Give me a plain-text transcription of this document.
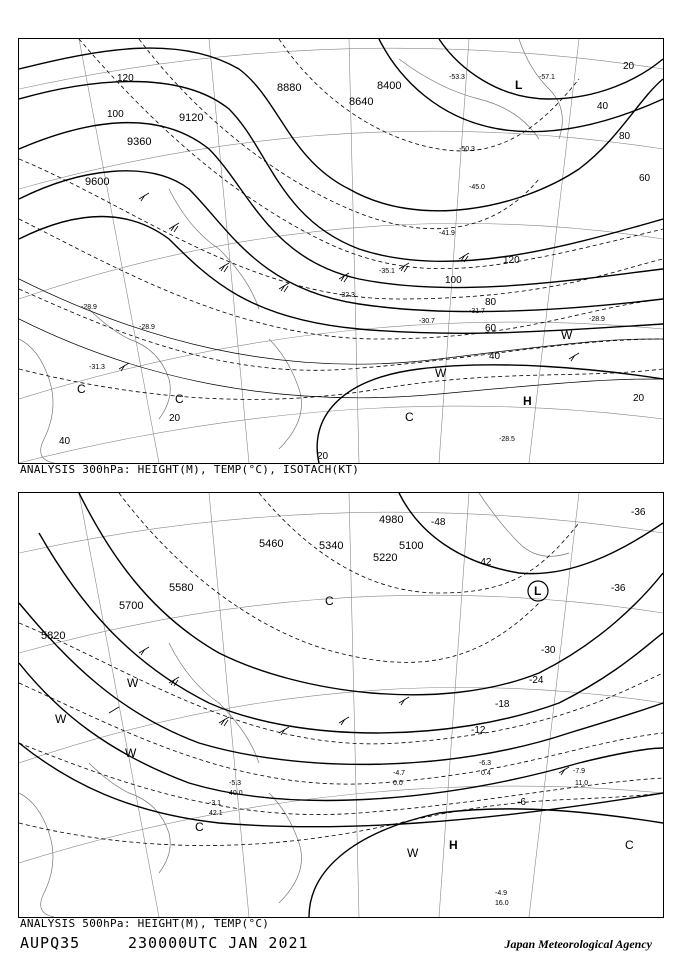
8400
8640
8880
9120
9360
9600
120
100
80
60
40
20
40
20
120
100
80
60
40
20
20
-28.9
-31.3
-28.9
-32.3
-31.7
-30.7
-28.5
-28.9
-35.1
-53.3
-50.3
-57.1
-45.0
-41.9
L
H
C
C
C
W
W
ANALYSIS 300hPa: HEIGHT(M), TEMP(°C), ISOTACH(KT)
5100
5220
5340
5460
5580
5700
5820
4980	-48
-42
-36
-36
-30
-24
-18
-12
-6
-7.9
11.0
-6.3
0.4
-4.9
16.0
-4.7
0.0
-3.1
42.1
-5.3
40.0
L
H	C
C
C
W
W
W
W
ANALYSIS 500hPa: HEIGHT(M), TEMP(°C)
AUPQ35	230000UTC JAN 2021	Japan Meteorological Agency
